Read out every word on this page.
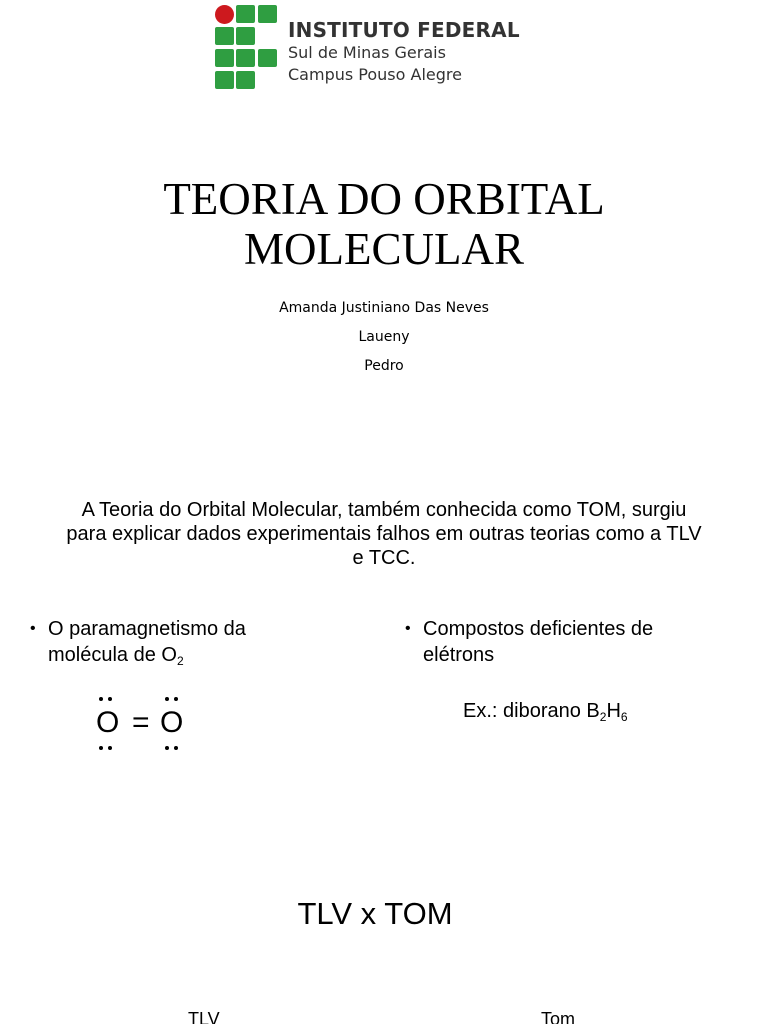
INSTITUTO FEDERAL
Sul de Minas Gerais
Campus Pouso Alegre
TEORIA DO ORBITAL
MOLECULAR
Amanda Justiniano Das Neves
Laueny
Pedro

A Teoria do Orbital Molecular, também conhecida como TOM, surgiu para explicar dados experimentais falhos em outras teorias como a TLV e TCC.

• O paramagnetismo da
molécula de $O_2$
• Compostos deficientes de
elétrons
O = O	Ex.: diborano $B_2H_6$
TLV x TOM
TLV	Tom
